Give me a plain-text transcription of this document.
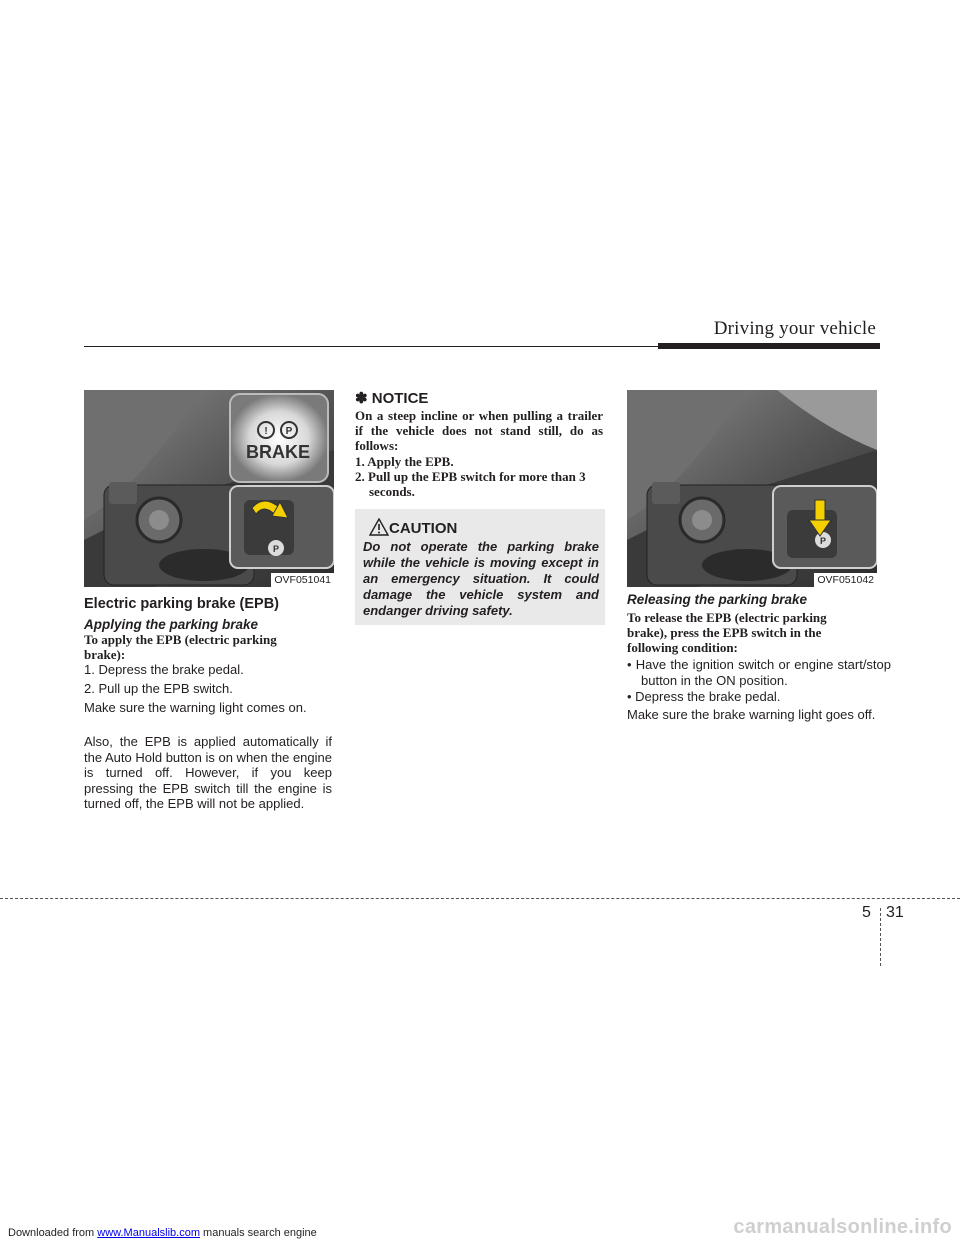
Driving your vehicle
! P
BRAKE
P
OVF051041
Electric parking brake (EPB)
Applying the parking brake
To apply the EPB (electric parking brake):
1. Depress the brake pedal.
2. Pull up the EPB switch.
Make sure the warning light comes on.
Also, the EPB is applied automatically if the Auto Hold button is on when the engine is turned off. However, if you keep pressing the EPB switch till the engine is turned off, the EPB will not be applied.
✽ NOTICE
On a steep incline or when pulling a trailer if the vehicle does not stand still, do as follows:
1. Apply the EPB.
2. Pull up the EPB switch for more than 3 seconds.
CAUTION
Do not operate the parking brake while the vehicle is moving except in an emergency situation. It could damage the vehicle system and endanger driving safety.
P
OVF051042
Releasing the parking brake
To release the EPB (electric parking brake), press the EPB switch in the following condition:
• Have the ignition switch or engine start/stop button in the ON position.
• Depress the brake pedal.
Make sure the brake warning light goes off.
5 31
Downloaded from www.Manualslib.com manuals search engine	carmanualsonline.info
